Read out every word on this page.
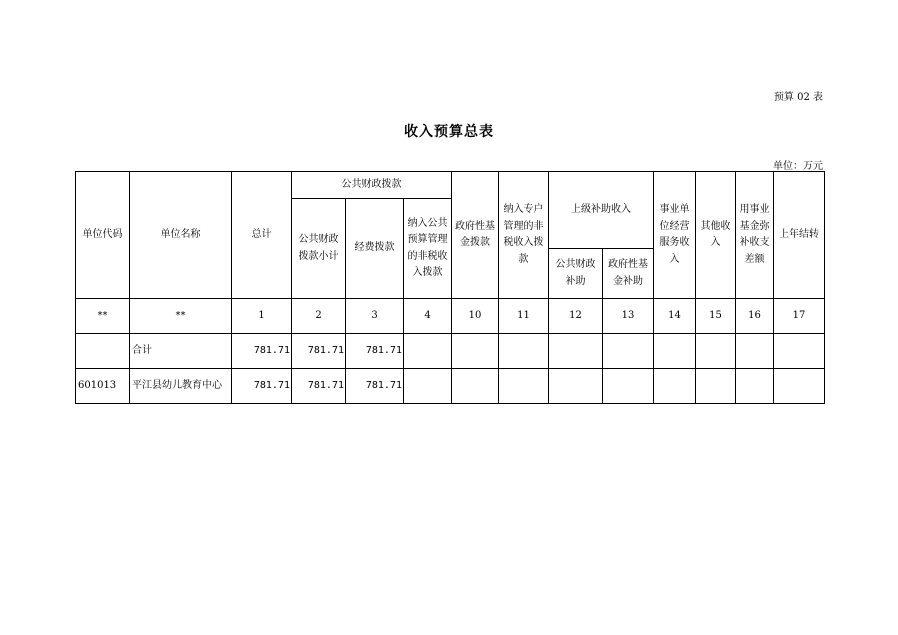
预算 02 表
收入预算总表
单位：万元
单位代码	单位名称	总计	公共财政拨款			政府性基金拨款	纳入专户管理的非税收入拨款	上级补助收入		事业单位经营服务收入	其他收入	用事业基金弥补收支差额	上年结转
			公共财政拨款小计	经费拨款	纳入公共预算管理的非税收入拨款								
								公共财政补助	政府性基金补助				
**	**	1	2	3	4	10	11	12	13	14	15	16	17
	合计	781.71	781.71	781.71									
601013	平江县幼儿教育中心	781.71	781.71	781.71									
